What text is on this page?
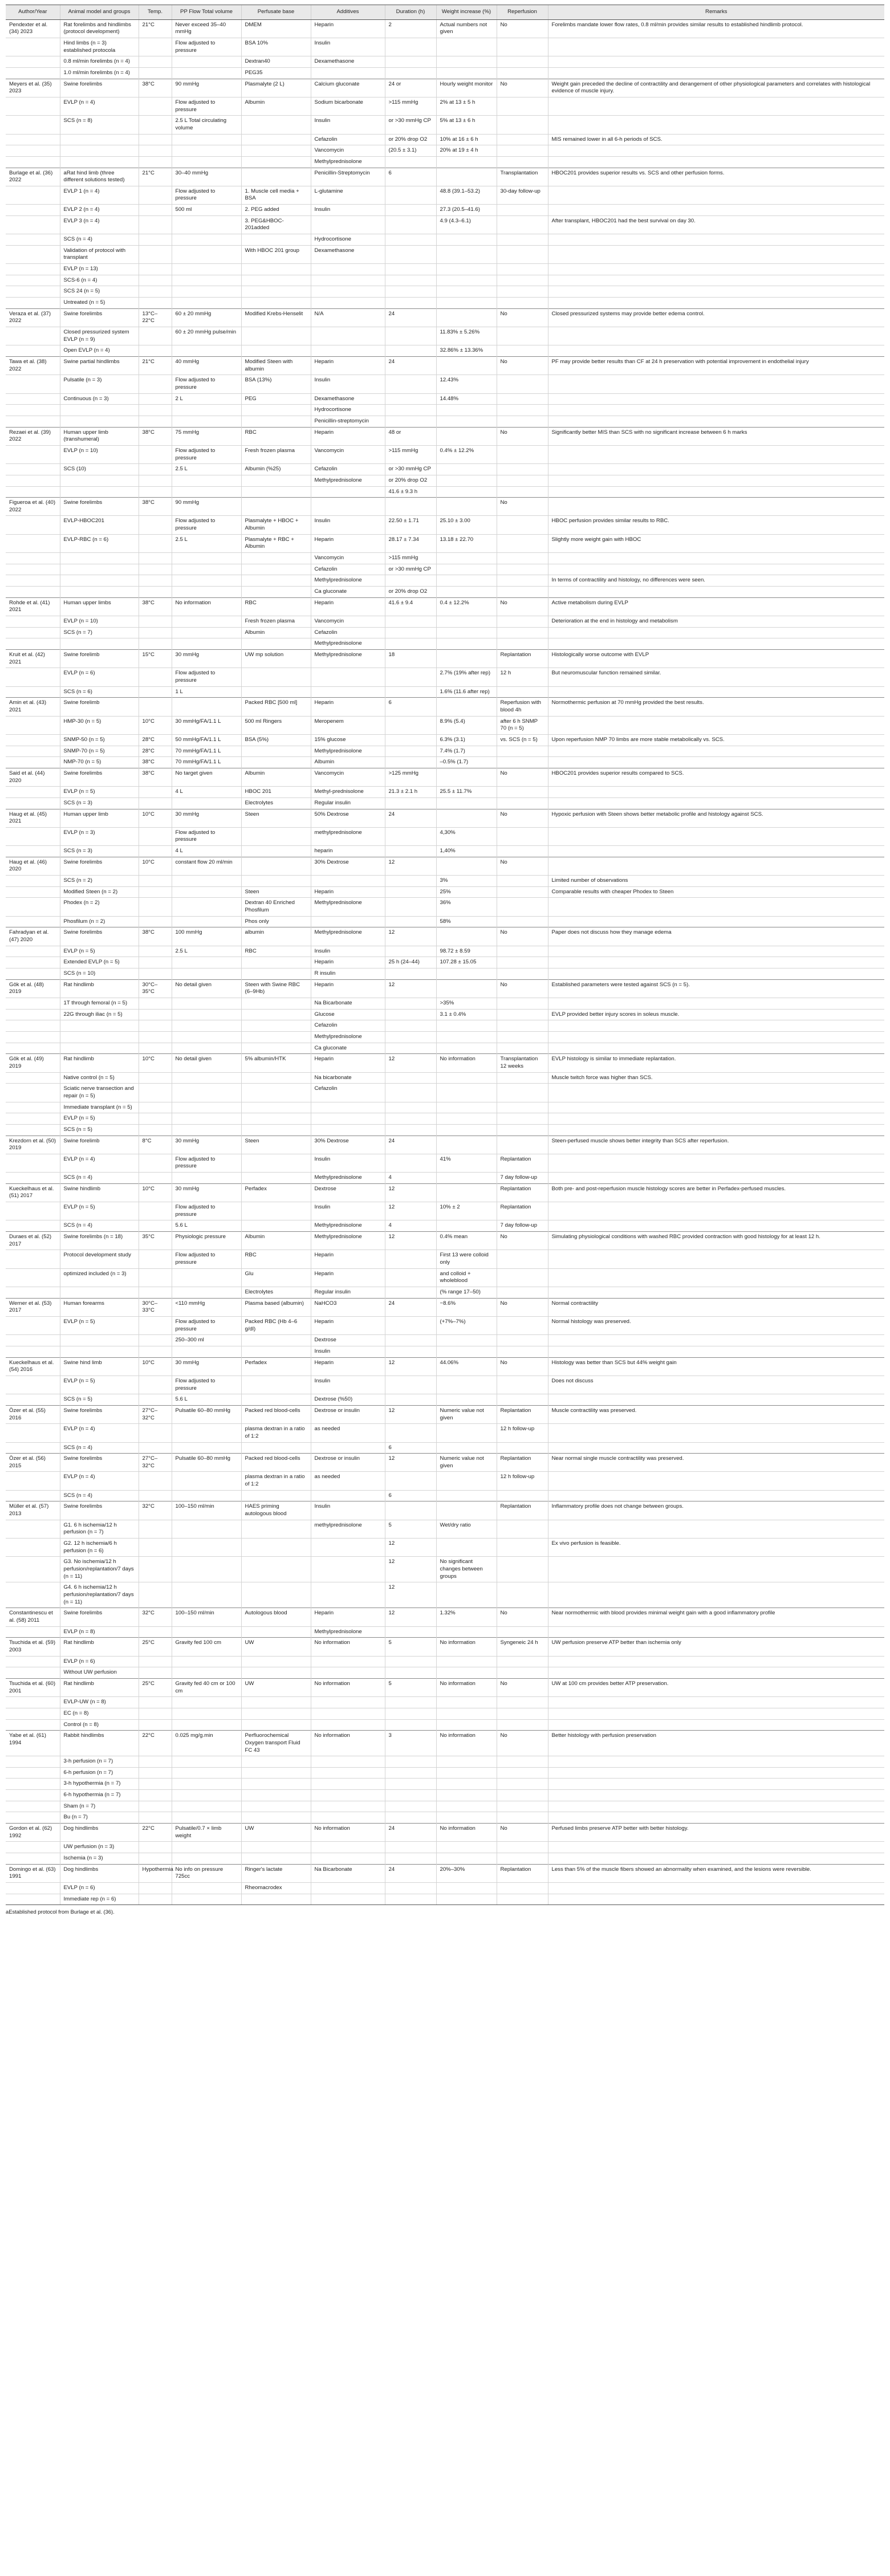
Author/Year	Animal model and groups	Temp.	PP Flow Total volume	Perfusate base	Additives	Duration (h)	Weight increase (%)	Reperfusion	Remarks
Pendexter et al. (34) 2023	Rat forelimbs and hindlimbs (protocol development)	21°C	Never exceed 35–40 mmHg	DMEM	Heparin	2	Actual numbers not given	No	Forelimbs mandate lower flow rates, 0.8 ml/min provides similar results to established hindlimb protocol.
	Hind limbs (n = 3) established protocola		Flow adjusted to pressure	BSA 10%	Insulin				
	0.8 ml/min forelimbs (n = 4)			Dextran40	Dexamethasone				
	1.0 ml/min forelimbs (n = 4)			PEG35					
Meyers et al. (35) 2023	Swine forelimbs	38°C	90 mmHg	Plasmalyte (2 L)	Calcium gluconate	24 or	Hourly weight monitor	No	Weight gain preceded the decline of contractility and derangement of other physiological parameters and correlates with histological evidence of muscle injury.
	EVLP (n = 4)		Flow adjusted to pressure	Albumin	Sodium bicarbonate	>115 mmHg	2% at 13 ± 5 h		
	SCS (n = 8)		2.5 L Total circulating volume		Insulin	or >30 mmHg CP	5% at 13 ± 6 h		
					Cefazolin	or 20% drop O2	10% at 16 ± 6 h		MIS remained lower in all 6-h periods of SCS.
					Vancomycin	(20.5 ± 3.1)	20% at 19 ± 4 h		
					Methylprednisolone				
Burlage et al. (36) 2022	aRat hind limb (three different solutions tested)	21°C	30–40 mmHg		Penicillin-Streptomycin	6		Transplantation	HBOC201 provides superior results vs. SCS and other perfusion forms.
	EVLP 1 (n = 4)		Flow adjusted to pressure	1. Muscle cell media + BSA	L-glutamine		48.8 (39.1–53.2)	30-day follow-up	
	EVLP 2 (n = 4)		500 ml	2. PEG added	Insulin		27.3 (20.5–41.6)		
	EVLP 3 (n = 4)			3. PEG&HBOC-201added			4.9 (4.3–6.1)		After transplant, HBOC201 had the best survival on day 30.
	SCS (n = 4)				Hydrocortisone				
	Validation of protocol with transplant			With HBOC 201 group	Dexamethasone				
	EVLP (n = 13)								
	SCS-6 (n = 4)								
	SCS 24 (n = 5)								
	Untreated (n = 5)								
Veraza et al. (37) 2022	Swine forelimbs	13°C–22°C	60 ± 20 mmHg	Modified Krebs-Henselit	N/A	24		No	Closed pressurized systems may provide better edema control.
	Closed pressurized system EVLP (n = 9)		60 ± 20 mmHg pulse/min				11.83% ± 5.26%		
	Open EVLP (n = 4)						32.86% ± 13.36%		
Tawa et al. (38) 2022	Swine partial hindlimbs	21°C	40 mmHg	Modified Steen with albumin	Heparin	24		No	PF may provide better results than CF at 24 h preservation with potential improvement in endothelial injury
	Pulsatile (n = 3)		Flow adjusted to pressure	BSA (13%)	Insulin		12.43%		
	Continuous (n = 3)		2 L	PEG	Dexamethasone		14.48%		
					Hydrocortisone				
					Penicillin-streptomycin				
Rezaei et al. (39) 2022	Human upper limb (transhumeral)	38°C	75 mmHg	RBC	Heparin	48 or		No	Significantly better MIS than SCS with no significant increase between 6 h marks
	EVLP (n = 10)		Flow adjusted to pressure	Fresh frozen plasma	Vancomycin	>115 mmHg	0.4% ± 12.2%		
	SCS (10)		2.5 L	Albumin (%25)	Cefazolin	or >30 mmHg CP			
					Methylprednisolone	or 20% drop O2			
						41.6 ± 9.3 h			
Figueroa et al. (40) 2022	Swine forelimbs	38°C	90 mmHg					No	
	EVLP-HBOC201		Flow adjusted to pressure	Plasmalyte + HBOC + Albumin	Insulin	22.50 ± 1.71	25.10 ± 3.00		HBOC perfusion provides similar results to RBC.
	EVLP-RBC (n = 6)		2.5 L	Plasmalyte + RBC + Albumin	Heparin	28.17 ± 7.34	13.18 ± 22.70		Slightly more weight gain with HBOC
					Vancomycin	>115 mmHg			
					Cefazolin	or >30 mmHg CP			
					Methylprednisolone				In terms of contractility and histology, no differences were seen.
					Ca gluconate	or 20% drop O2			
Rohde et al. (41) 2021	Human upper limbs	38°C	No information	RBC	Heparin	41.6 ± 9.4	0.4 ± 12.2%	No	Active metabolism during EVLP
	EVLP (n = 10)			Fresh frozen plasma	Vancomycin				Deterioration at the end in histology and metabolism
	SCS (n = 7)			Albumin	Cefazolin				
					Methylprednisolone				
Kruit et al. (42) 2021	Swine forelimb	15°C	30 mmHg	UW mp solution	Methylprednisolone	18		Replantation	Histologically worse outcome with EVLP
	EVLP (n = 6)		Flow adjusted to pressure				2.7% (19% after rep)	12 h	But neuromuscular function remained similar.
	SCS (n = 6)		1 L				1.6% (11.6 after rep)		
Amin et al. (43) 2021	Swine forelimb			Packed RBC [500 ml]	Heparin	6		Reperfusion with blood 4h	Normothermic perfusion at 70 mmHg provided the best results.
	HMP-30 (n = 5)	10°C	30 mmHg/FA/1.1 L	500 ml Ringers	Meropenem		8.9% (5.4)	after 6 h SNMP 70 (n = 5)	
	SNMP-50 (n = 5)	28°C	50 mmHg/FA/1.1 L	BSA (5%)	15% glucose		6.3% (3.1)	vs. SCS (n = 5)	Upon reperfusion NMP 70 limbs are more stable metabolically vs. SCS.
	SNMP-70 (n = 5)	28°C	70 mmHg/FA/1.1 L		Methylprednisolone		7.4% (1.7)		
	NMP-70 (n = 5)	38°C	70 mmHg/FA/1.1 L		Albumin		–0.5% (1.7)		
Said et al. (44) 2020	Swine forelimbs	38°C	No target given	Albumin	Vancomycin	>125 mmHg		No	HBOC201 provides superior results compared to SCS.
	EVLP (n = 5)		4 L	HBOC 201	Methyl-prednisolone	21.3 ± 2.1 h	25.5 ± 11.7%		
	SCS (n = 3)			Electrolytes	Regular insulin				
Haug et al. (45) 2021	Human upper limb	10°C	30 mmHg	Steen	50% Dextrose	24		No	Hypoxic perfusion with Steen shows better metabolic profile and histology against SCS.
	EVLP (n = 3)		Flow adjusted to pressure		methylprednisolone		4,30%		
	SCS (n = 3)		4 L		heparin		1,40%		
Haug et al. (46) 2020	Swine forelimbs	10°C	constant flow 20 ml/min		30% Dextrose	12		No	
	SCS (n = 2)						3%		Limited number of observations
	Modified Steen (n = 2)			Steen	Heparin		25%		Comparable results with cheaper Phodex to Steen
	Phodex (n = 2)			Dextran 40 Enriched Phosfilum	Methylprednisolone		36%		
	Phosfilum (n = 2)			Phos only			58%		
Fahradyan et al. (47) 2020	Swine forelimbs	38°C	100 mmHg	albumin	Methylprednisolone	12		No	Paper does not discuss how they manage edema
	EVLP (n = 5)		2.5 L	RBC	Insulin		98.72 ± 8.59		
	Extended EVLP (n = 5)				Heparin	25 h (24–44)	107.28 ± 15.05		
	SCS (n = 10)				R insulin				
Gök et al. (48) 2019	Rat hindlimb	30°C–35°C	No detail given	Steen with Swine RBC (6–9Hb)	Heparin	12		No	Established parameters were tested against SCS (n = 5).
	1T through femoral (n = 5)				Na Bicarbonate		>35%		
	22G through iliac (n = 5)				Glucose		3.1 ± 0.4%		EVLP provided better injury scores in soleus muscle.
					Cefazolin				
					Methylprednisolone				
					Ca gluconate				
Gök et al. (49) 2019	Rat hindlimb	10°C	No detail given	5% albumin/HTK	Heparin	12	No information	Transplantation 12 weeks	EVLP histology is similar to immediate replantation.
	Native control (n = 5)				Na bicarbonate				Muscle twitch force was higher than SCS.
	Sciatic nerve transection and repair (n = 5)				Cefazolin				
	Immediate transplant (n = 5)								
	EVLP (n = 5)								
	SCS (n = 5)								
Krezdorn et al. (50) 2019	Swine forelimb	8°C	30 mmHg	Steen	30% Dextrose	24			Steen-perfused muscle shows better integrity than SCS after reperfusion.
	EVLP (n = 4)		Flow adjusted to pressure		Insulin		41%	Replantation	
	SCS (n = 4)				Methylprednisolone	4		7 day follow-up	
Kueckelhaus et al. (51) 2017	Swine hindlimb	10°C	30 mmHg	Perfadex	Dextrose	12		Replantation	Both pre- and post-reperfusion muscle histology scores are better in Perfadex-perfused muscles.
	EVLP (n = 5)		Flow adjusted to pressure		Insulin	12	10% ± 2	Replantation	
	SCS (n = 4)		5.6 L		Methylprednisolone	4		7 day follow-up	
Duraes et al. (52) 2017	Swine forelimbs (n = 18)	35°C	Physiologic pressure	Albumin	Methylprednisolone	12	0.4% mean	No	Simulating physiological conditions with washed RBC provided contraction with good histology for at least 12 h.
	Protocol development study		Flow adjusted to pressure	RBC	Heparin		First 13 were colloid only		
	optimized included (n = 3)			Glu	Heparin		and colloid + wholeblood		
				Electrolytes	Regular insulin		(% range 17–50)		
Werner et al. (53) 2017	Human forearms	30°C–33°C	<110 mmHg	Plasma based (albumin)	NaHCO3	24	−8.6%	No	Normal contractility
	EVLP (n = 5)		Flow adjusted to pressure	Packed RBC (Hb 4–6 g/dl)	Heparin		(+7%–7%)		Normal histology was preserved.
			250–300 ml		Dextrose				
					Insulin				
Kueckelhaus et al. (54) 2016	Swine hind limb	10°C	30 mmHg	Perfadex	Heparin	12	44.06%	No	Histology was better than SCS but 44% weight gain
	EVLP (n = 5)		Flow adjusted to pressure		Insulin				Does not discuss
	SCS (n = 5)		5.6 L		Dextrose (%50)				
Özer et al. (55) 2016	Swine forelimbs	27°C–32°C	Pulsatile 60–80 mmHg	Packed red blood-cells	Dextrose or insulin	12	Numeric value not given	Replantation	Muscle contractility was preserved.
	EVLP (n = 4)			plasma dextran in a ratio of 1:2	as needed			12 h follow-up	
	SCS (n = 4)					6			
Özer et al. (56) 2015	Swine forelimbs	27°C–32°C	Pulsatile 60–80 mmHg	Packed red blood-cells	Dextrose or insulin	12	Numeric value not given	Replantation	Near normal single muscle contractility was preserved.
	EVLP (n = 4)			plasma dextran in a ratio of 1:2	as needed			12 h follow-up	
	SCS (n = 4)					6			
Müller et al. (57) 2013	Swine forelimbs	32°C	100–150 ml/min	HAES priming autologous blood	Insulin			Replantation	Inflammatory profile does not change between groups.
	G1. 6 h ischemia/12 h perfusion (n = 7)				methylprednisolone	5	Wet/dry ratio		
	G2. 12 h ischemia/6 h perfusion (n = 6)					12			Ex vivo perfusion is feasible.
	G3. No ischemia/12 h perfusion/replantation/7 days (n = 11)					12	No significant changes between groups		
	G4. 6 h ischemia/12 h perfusion/replantation/7 days (n = 11)					12			
Constantinescu et al. (58) 2011	Swine forelimbs	32°C	100–150 ml/min	Autologous blood	Heparin	12	1.32%	No	Near normothermic with blood provides minimal weight gain with a good inflammatory profile
	EVLP (n = 8)				Methylprednisolone				
Tsuchida et al. (59) 2003	Rat hindlimb	25°C	Gravity fed 100 cm	UW	No information	5	No information	Syngeneic 24 h	UW perfusion preserve ATP better than ischemia only
	EVLP (n = 6)								
	Without UW perfusion								
Tsuchida et al. (60) 2001	Rat hindlimb	25°C	Gravity fed 40 cm or 100 cm	UW	No information	5	No information	No	UW at 100 cm provides better ATP preservation.
	EVLP-UW (n = 8)								
	EC (n = 8)								
	Control (n = 8)								
Yabe et al. (61) 1994	Rabbit hindlimbs	22°C	0.025 mg/g.min	Perfluorochemical Oxygen transport Fluid FC 43	No information	3	No information	No	Better histology with perfusion preservation
	3-h perfusion (n = 7)								
	6-h perfusion (n = 7)								
	3-h hypothermia (n = 7)								
	6-h hypothermia (n = 7)								
	Sham (n = 7)								
	Bu (n = 7)								
Gordon et al. (62) 1992	Dog hindlimbs	22°C	Pulsatile/0.7 × limb weight	UW	No information	24	No information	No	Perfused limbs preserve ATP better with better histology.
	UW perfusion (n = 3)								
	Ischemia (n = 3)								
Domingo et al. (63) 1991	Dog hindlimbs	Hypothermia	No info on pressure 725cc	Ringer's lactate	Na Bicarbonate	24	20%–30%	Replantation	Less than 5% of the muscle fibers showed an abnormality when examined, and the lesions were reversible.
	EVLP (n = 6)			Rheomacrodex					
	Immediate rep (n = 6)								
aEstablished protocol from Burlage et al. (36).
